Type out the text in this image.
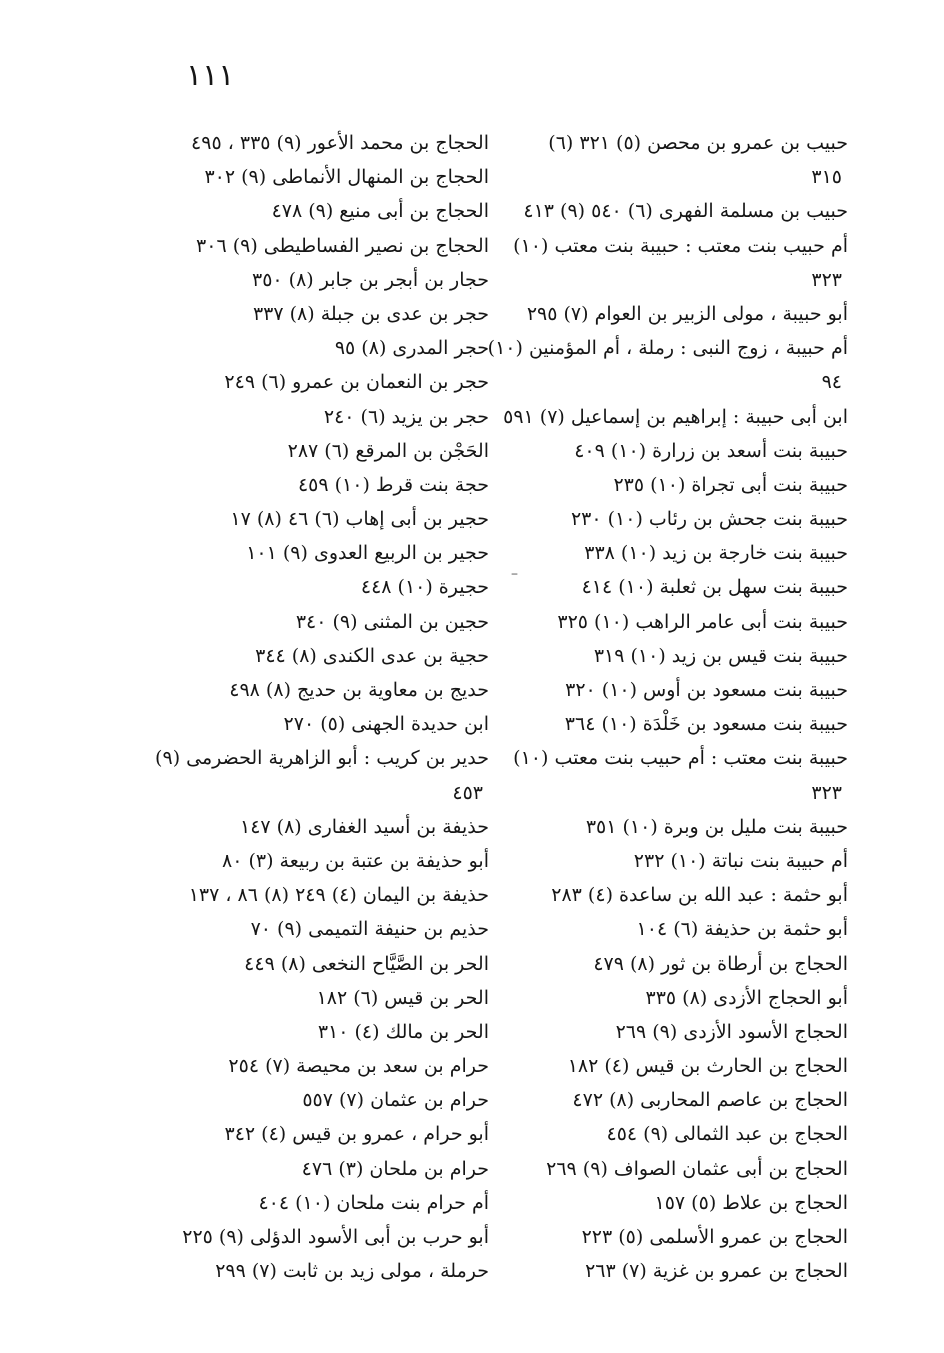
١١١
حبيب بن عمرو بن محصن (٥) ٣٢١ (٦)
٣١٥
حبيب بن مسلمة الفهرى (٦) ٥٤٠ (٩) ٤١٣
أم حبيب بنت معتب : حبيبة بنت معتب (١٠)
٣٢٣
أبو حبيبة ، مولى الزبير بن العوام (٧) ٢٩٥
أم حبيبة ، زوج النبى : رملة ، أم المؤمنين (١٠)
٩٤
ابن أبى حبيبة : إبراهيم بن إسماعيل (٧) ٥٩١
حبيبة بنت أسعد بن زرارة (١٠) ٤٠٩
حبيبة بنت أبى تجراة (١٠) ٢٣٥
حبيبة بنت جحش بن رئاب (١٠) ٢٣٠
حبيبة بنت خارجة بن زيد (١٠) ٣٣٨
حبيبة بنت سهل بن ثعلبة (١٠) ٤١٤
حبيبة بنت أبى عامر الراهب (١٠) ٣٢٥
حبيبة بنت قيس بن زيد (١٠) ٣١٩
حبيبة بنت مسعود بن أوس (١٠) ٣٢٠
حبيبة بنت مسعود بن خَلْدَة (١٠) ٣٦٤
حبيبة بنت معتب : أم حبيب بنت معتب (١٠)
٣٢٣
حبيبة بنت مليل بن وبرة (١٠) ٣٥١
أم حبيبة بنت نباتة (١٠) ٢٣٢
أبو حثمة : عبد الله بن ساعدة (٤) ٢٨٣
أبو حثمة بن حذيفة (٦) ١٠٤
الحجاج بن أرطاة بن ثور (٨) ٤٧٩
أبو الحجاج الأزدى (٨) ٣٣٥
الحجاج الأسود الأزدى (٩) ٢٦٩
الحجاج بن الحارث بن قيس (٤) ١٨٢
الحجاج بن عاصم المحاربى (٨) ٤٧٢
الحجاج بن عبد الثمالى (٩) ٤٥٤
الحجاج بن أبى عثمان الصواف (٩) ٢٦٩
الحجاج بن علاط (٥) ١٥٧
الحجاج بن عمرو الأسلمى (٥) ٢٢٣
الحجاج بن عمرو بن غزية (٧) ٢٦٣
الحجاج بن محمد الأعور (٩) ٣٣٥ ، ٤٩٥
الحجاج بن المنهال الأنماطى (٩) ٣٠٢
الحجاج بن أبى منيع (٩) ٤٧٨
الحجاج بن نصير الفساطيطى (٩) ٣٠٦
حجار بن أبجر بن جابر (٨) ٣٥٠
حجر بن عدى بن جبلة (٨) ٣٣٧
حجر المدرى (٨) ٩٥
حجر بن النعمان بن عمرو (٦) ٢٤٩
حجر بن يزيد (٦) ٢٤٠
الحَجْن بن المرقع (٦) ٢٨٧
حجة بنت قرط (١٠) ٤٥٩
حجير بن أبى إهاب (٦) ٤٦ (٨) ١٧
حجير بن الربيع العدوى (٩) ١٠١
حجيرة (١٠) ٤٤٨
حجين بن المثنى (٩) ٣٤٠
حجية بن عدى الكندى (٨) ٣٤٤
حديج بن معاوية بن حديج (٨) ٤٩٨
ابن حديدة الجهنى (٥) ٢٧٠
حدير بن كريب : أبو الزاهرية الحضرمى (٩)
٤٥٣
حذيفة بن أسيد الغفارى (٨) ١٤٧
أبو حذيفة بن عتبة بن ربيعة (٣) ٨٠
حذيفة بن اليمان (٤) ٢٤٩ (٨) ٨٦ ، ١٣٧
حذيم بن حنيفة التميمى (٩) ٧٠
الحر بن الصَّيَّاح النخعى (٨) ٤٤٩
الحر بن قيس (٦) ١٨٢
الحر بن مالك (٤) ٣١٠
حرام بن سعد بن محيصة (٧) ٢٥٤
حرام بن عثمان (٧) ٥٥٧
أبو حرام ، عمرو بن قيس (٤) ٣٤٢
حرام بن ملحان (٣) ٤٧٦
أم حرام بنت ملحان (١٠) ٤٠٤
أبو حرب بن أبى الأسود الدؤلى (٩) ٢٢٥
حرملة ، مولى زيد بن ثابت (٧) ٢٩٩
–
